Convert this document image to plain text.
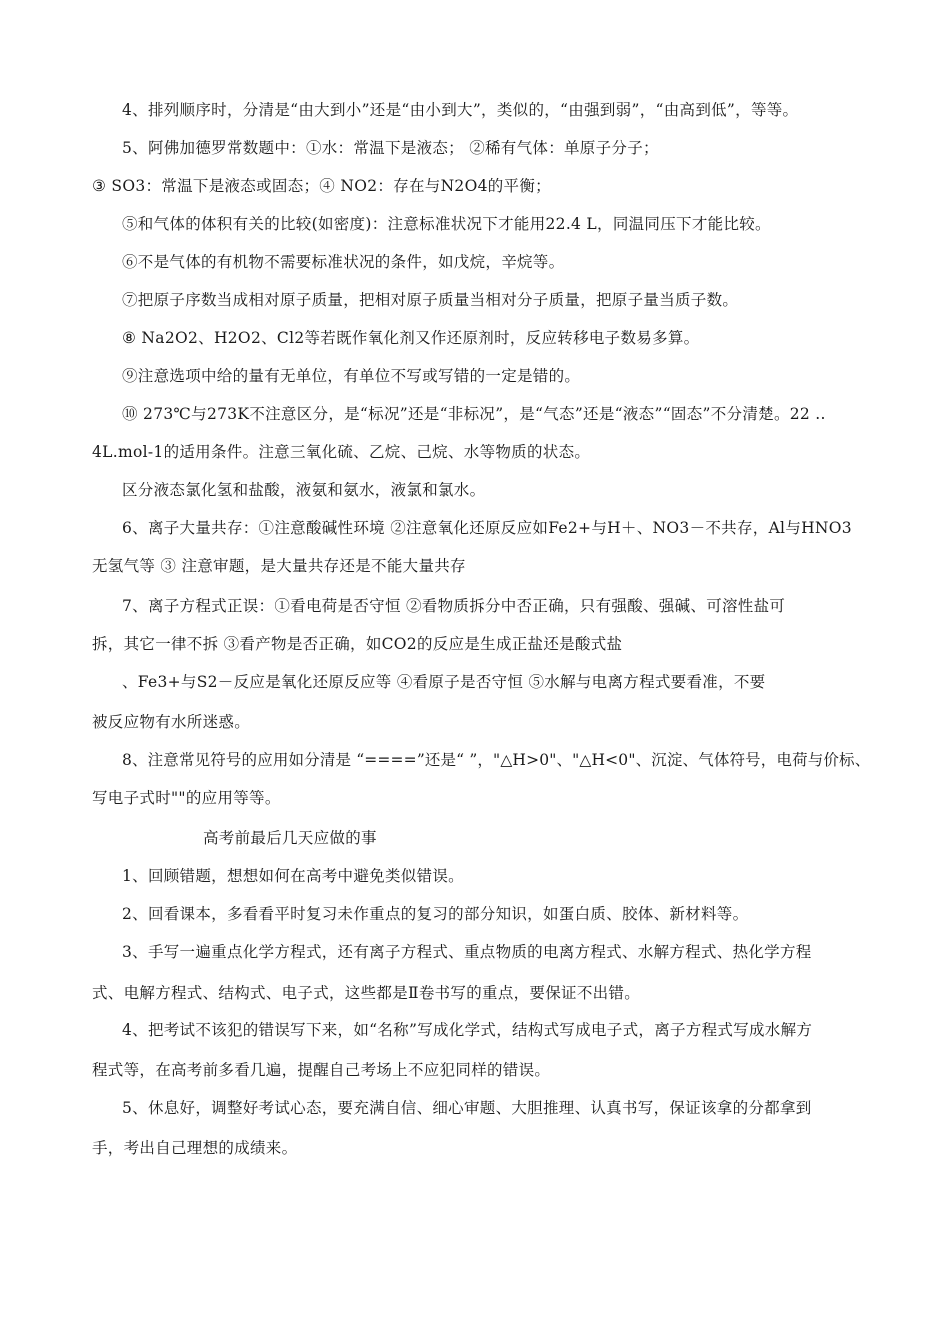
4、排列顺序时，分清是“由大到小”还是“由小到大”，类似的，“由强到弱”，“由高到低”，等等。
5、阿佛加德罗常数题中：①水：常温下是液态； ②稀有气体：单原子分子；
③ SO3：常温下是液态或固态；④ NO2：存在与N2O4的平衡；
⑤和气体的体积有关的比较(如密度)：注意标准状况下才能用22.4 L，同温同压下才能比较。
⑥不是气体的有机物不需要标准状况的条件，如戊烷，辛烷等。
⑦把原子序数当成相对原子质量，把相对原子质量当相对分子质量，把原子量当质子数。
⑧ Na2O2、H2O2、Cl2等若既作氧化剂又作还原剂时，反应转移电子数易多算。
⑨注意选项中给的量有无单位，有单位不写或写错的一定是错的。
⑩ 273℃与273K不注意区分，是“标况”还是“非标况”，是“气态”还是“液态”“固态”不分清楚。22 ..
4L.mol-1的适用条件。注意三氧化硫、乙烷、己烷、水等物质的状态。
区分液态氯化氢和盐酸，液氨和氨水，液氯和氯水。
6、离子大量共存：①注意酸碱性环境 ②注意氧化还原反应如Fe2+与H＋、NO3－不共存，Al与HNO3
无氢气等 ③ 注意审题，是大量共存还是不能大量共存
7、离子方程式正误：①看电荷是否守恒 ②看物质拆分中否正确，只有强酸、强碱、可溶性盐可
拆，其它一律不拆 ③看产物是否正确，如CO2的反应是生成正盐还是酸式盐
、Fe3+与S2－反应是氧化还原反应等 ④看原子是否守恒 ⑤水解与电离方程式要看准，不要
被反应物有水所迷惑。
8、注意常见符号的应用如分清是 “====”还是“ ”，"△H>0"、"△H<0"、沉淀、气体符号，电荷与价标、
写电子式时""的应用等等。
高考前最后几天应做的事
1、回顾错题，想想如何在高考中避免类似错误。
2、回看课本，多看看平时复习未作重点的复习的部分知识，如蛋白质、胶体、新材料等。
3、手写一遍重点化学方程式，还有离子方程式、重点物质的电离方程式、水解方程式、热化学方程
式、电解方程式、结构式、电子式，这些都是Ⅱ卷书写的重点，要保证不出错。
4、把考试不该犯的错误写下来，如“名称”写成化学式，结构式写成电子式，离子方程式写成水解方
程式等，在高考前多看几遍，提醒自己考场上不应犯同样的错误。
5、休息好，调整好考试心态，要充满自信、细心审题、大胆推理、认真书写，保证该拿的分都拿到
手，考出自己理想的成绩来。
